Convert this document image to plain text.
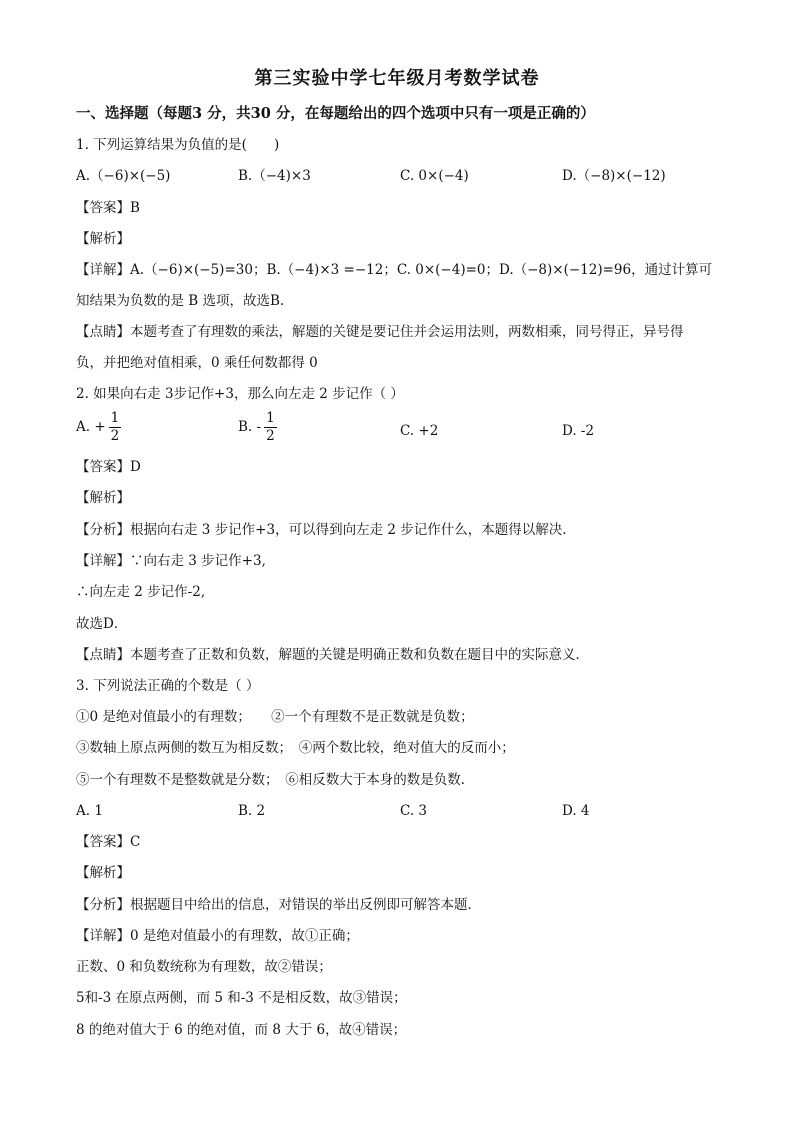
第三实验中学七年级月考数学试卷
一、选择题（每题3 分，共30 分，在每题给出的四个选项中只有一项是正确的）
1. 下列运算结果为负值的是(　　)
A.（−6)×(−5)	B.（−4)×3	C. 0×(−4)	D.（−8)×(−12)
【答案】B
【解析】
【详解】A.（−6)×(−5)=30；B.（−4)×3 =−12；C. 0×(−4)=0；D.（−8)×(−12)=96，通过计算可
知结果为负数的是 B 选项，故选B.
【点睛】本题考查了有理数的乘法，解题的关键是要记住并会运用法则，两数相乘，同号得正，异号得
负，并把绝对值相乘，0 乘任何数都得 0
2. 如果向右走 3步记作+3，那么向左走 2 步记作（ ）
A. + $\frac{1}{2}$	B. - $\frac{1}{2}$	C. +2	D. -2
【答案】D
【解析】
【分析】根据向右走 3 步记作+3，可以得到向左走 2 步记作什么，本题得以解决．
【详解】∵向右走 3 步记作+3,
∴向左走 2 步记作-2,
故选D．
【点睛】本题考查了正数和负数，解题的关键是明确正数和负数在题目中的实际意义．
3. 下列说法正确的个数是（ ）
①0 是绝对值最小的有理数；　　②一个有理数不是正数就是负数；
③数轴上原点两侧的数互为相反数；　④两个数比较，绝对值大的反而小；
⑤一个有理数不是整数就是分数；　⑥相反数大于本身的数是负数．
A. 1	B. 2	C. 3	D. 4
【答案】C
【解析】
【分析】根据题目中给出的信息，对错误的举出反例即可解答本题．
【详解】0 是绝对值最小的有理数，故①正确；
正数、0 和负数统称为有理数，故②错误；
5和-3 在原点两侧，而 5 和-3 不是相反数，故③错误；
8 的绝对值大于 6 的绝对值，而 8 大于 6，故④错误；
